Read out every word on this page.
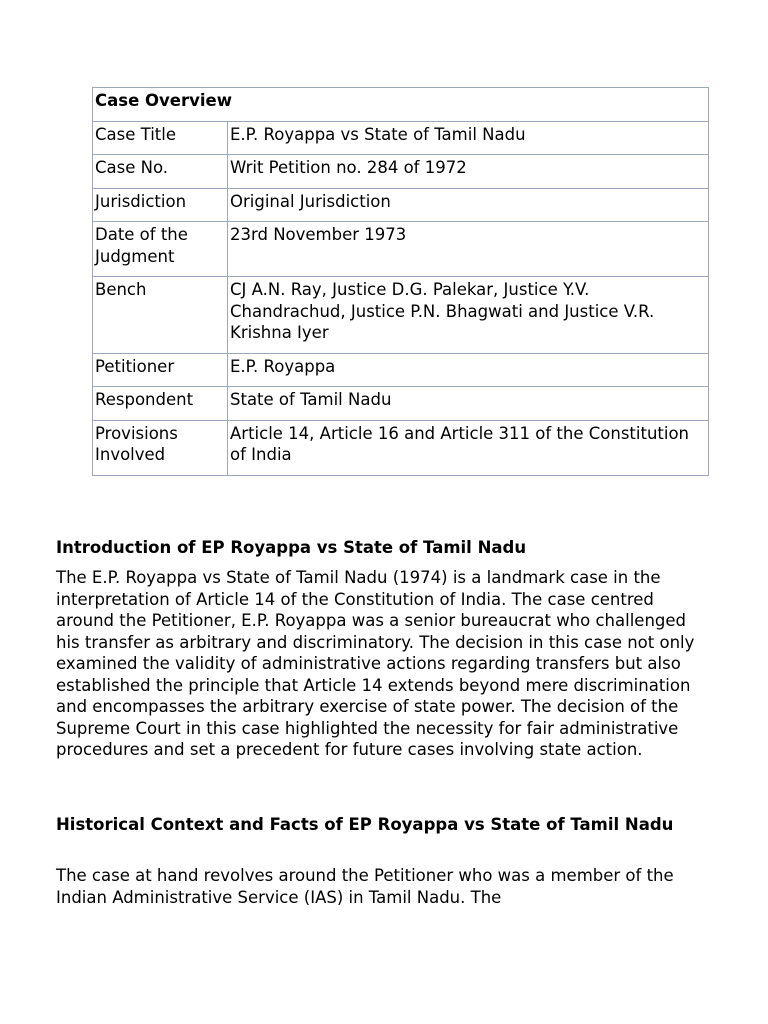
Case Overview	
Case Title	E.P. Royappa vs State of Tamil Nadu
Case No.	Writ Petition no. 284 of 1972
Jurisdiction	Original Jurisdiction
Date of the Judgment	23rd November 1973
Bench	CJ A.N. Ray, Justice D.G. Palekar, Justice Y.V. Chandrachud, Justice P.N. Bhagwati and Justice V.R. Krishna Iyer
Petitioner	E.P. Royappa
Respondent	State of Tamil Nadu
Provisions Involved	Article 14, Article 16 and Article 311 of the Constitution of India
Introduction of EP Royappa vs State of Tamil Nadu
The E.P. Royappa vs State of Tamil Nadu (1974) is a landmark case in the interpretation of Article 14 of the Constitution of India. The case centred around the Petitioner, E.P. Royappa was a senior bureaucrat who challenged his transfer as arbitrary and discriminatory. The decision in this case not only examined the validity of administrative actions regarding transfers but also established the principle that Article 14 extends beyond mere discrimination and encompasses the arbitrary exercise of state power. The decision of the Supreme Court in this case highlighted the necessity for fair administrative procedures and set a precedent for future cases involving state action.
Historical Context and Facts of EP Royappa vs State of Tamil Nadu
The case at hand revolves around the Petitioner who was a member of the Indian Administrative Service (IAS) in Tamil Nadu. The
